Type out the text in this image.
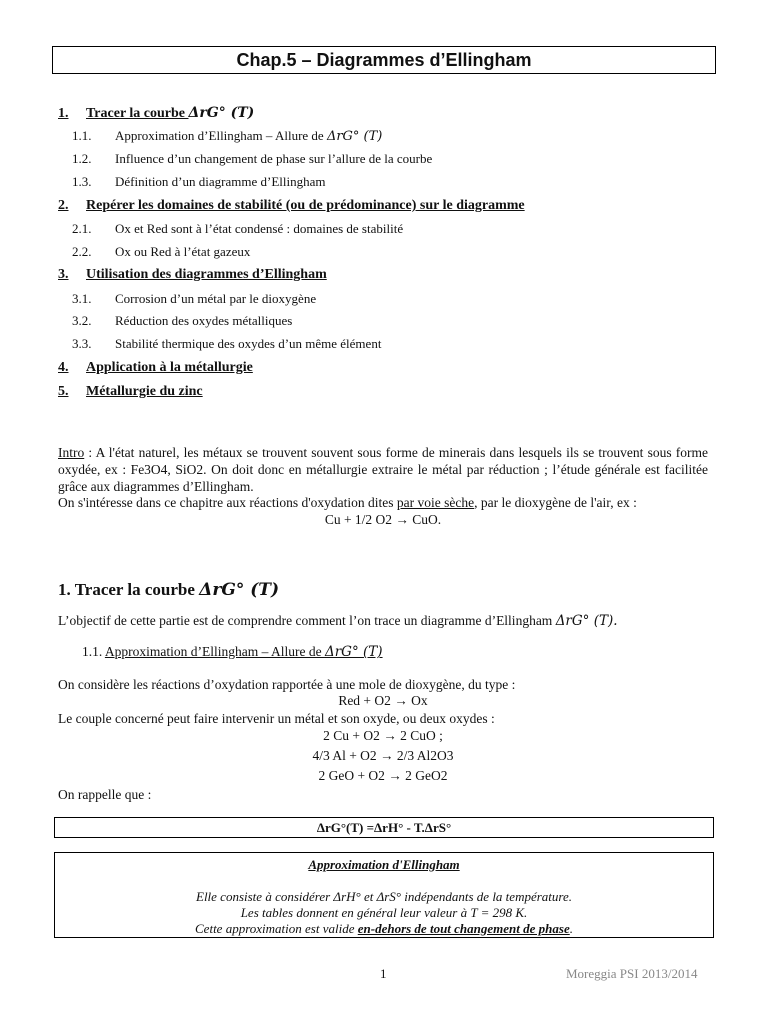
Chap.5 – Diagrammes d’Ellingham
1. Tracer la courbe ΔrG° (T)
1.1. Approximation d’Ellingham – Allure de ΔrG° (T)
1.2. Influence d’un changement de phase sur l’allure de la courbe
1.3. Définition d’un diagramme d’Ellingham
2. Repérer les domaines de stabilité (ou de prédominance) sur le diagramme
2.1. Ox et Red sont à l’état condensé : domaines de stabilité
2.2. Ox ou Red à l’état gazeux
3. Utilisation des diagrammes d’Ellingham
3.1. Corrosion d’un métal par le dioxygène
3.2. Réduction des oxydes métalliques
3.3. Stabilité thermique des oxydes d’un même élément
4. Application à la métallurgie
5. Métallurgie du zinc
Intro : A l'état naturel, les métaux se trouvent souvent sous forme de minerais dans lesquels ils se trouvent sous forme oxydée, ex : Fe3O4, SiO2. On doit donc en métallurgie extraire le métal par réduction ; l’étude générale est facilitée grâce aux diagrammes d’Ellingham.
On s'intéresse dans ce chapitre aux réactions d'oxydation dites par voie sèche, par le dioxygène de l'air, ex :
Cu + 1/2 O2 → CuO.
1. Tracer la courbe ΔrG° (T)
L’objectif de cette partie est de comprendre comment l’on trace un diagramme d’Ellingham ΔrG° (T).
1.1. Approximation d’Ellingham – Allure de ΔrG° (T)
On considère les réactions d’oxydation rapportée à une mole de dioxygène, du type :
Red + O2 → Ox
Le couple concerné peut faire intervenir un métal et son oxyde, ou deux oxydes :
2 Cu + O2 → 2 CuO ;
4/3 Al + O2 → 2/3 Al2O3
2 GeO + O2 → 2 GeO2
On rappelle que :
ΔrG°(T) =ΔrH° - T.ΔrS°
Approximation d'Ellingham
Elle consiste à considérer ΔrH° et ΔrS° indépendants de la température.
Les tables donnent en général leur valeur à T = 298 K.
Cette approximation est valide en-dehors de tout changement de phase.
1	Moreggia PSI 2013/2014
